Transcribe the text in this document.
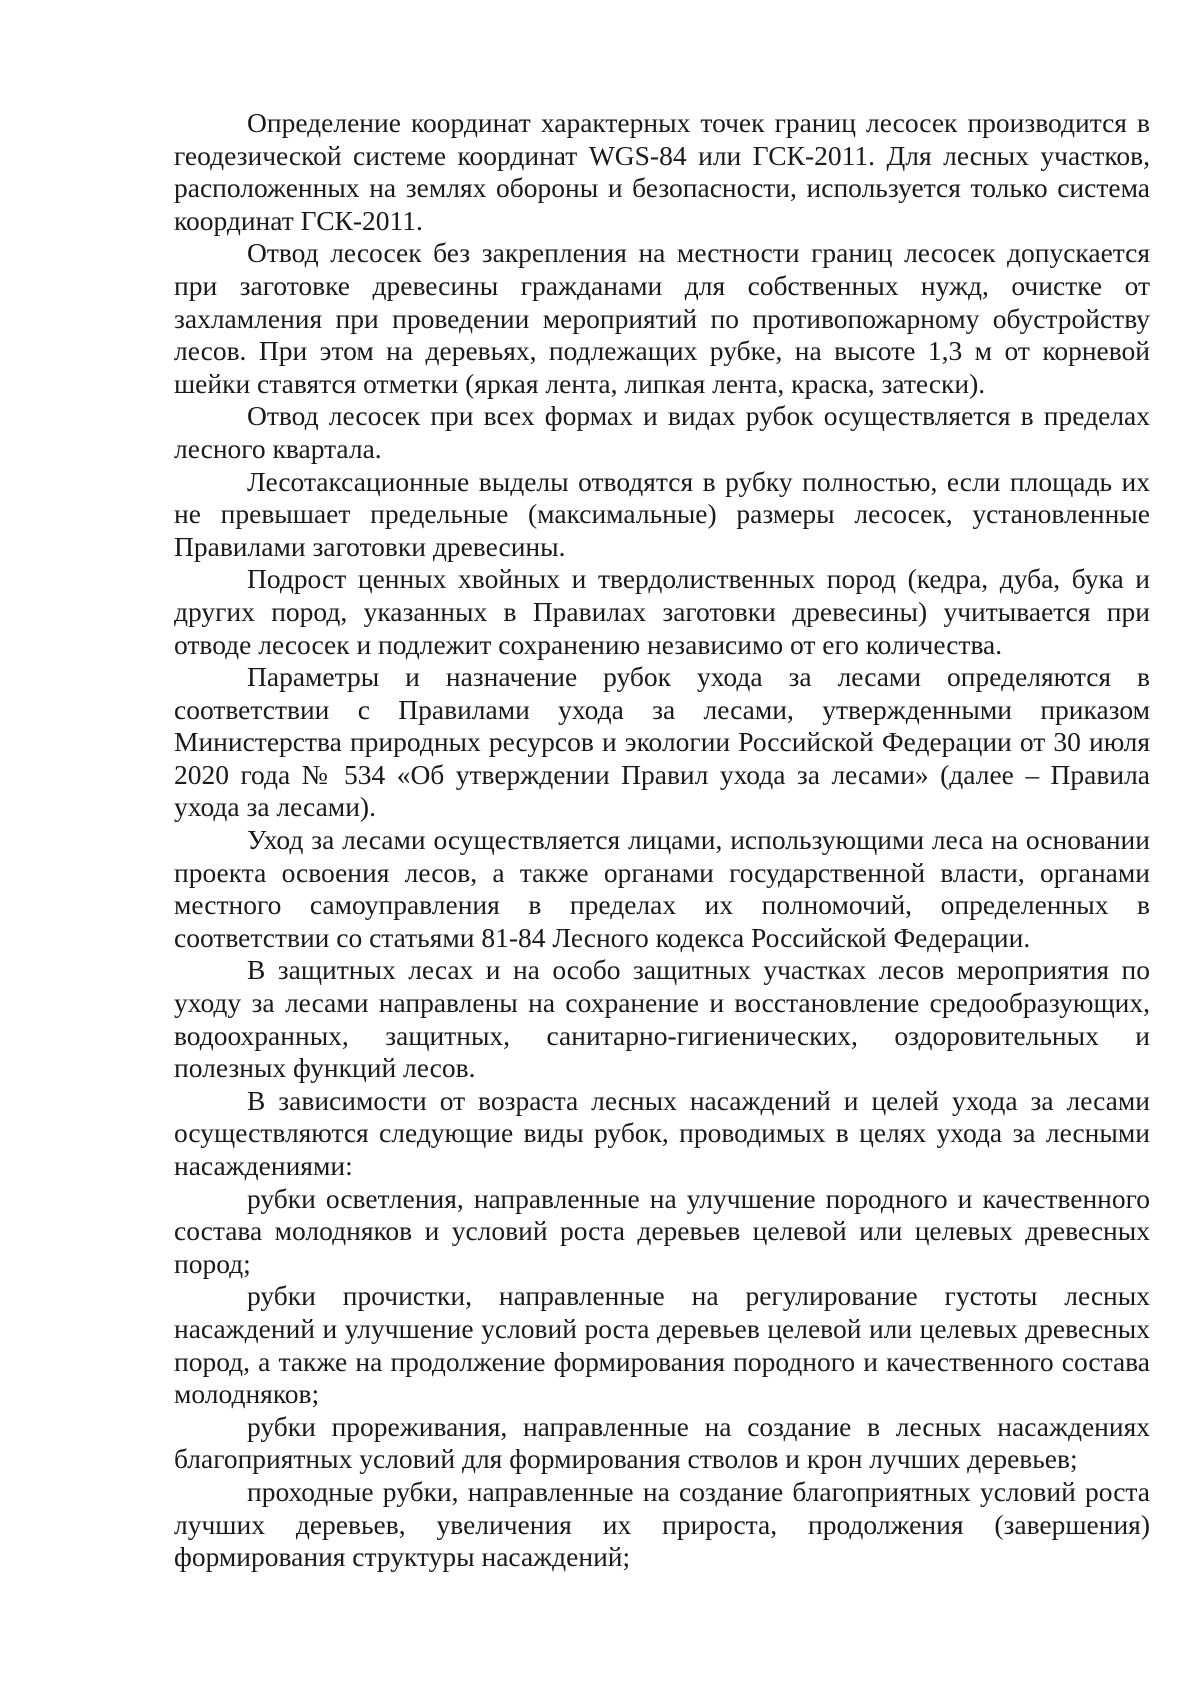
Определение координат характерных точек границ лесосек производится в геодезической системе координат WGS-84 или ГСК-2011. Для лесных участков, расположенных на землях обороны и безопасности, используется только система координат ГСК-2011.

Отвод лесосек без закрепления на местности границ лесосек допускается при заготовке древесины гражданами для собственных нужд, очистке от захламления при проведении мероприятий по противопожарному обустройству лесов. При этом на деревьях, подлежащих рубке, на высоте 1,3 м от корневой шейки ставятся отметки (яркая лента, липкая лента, краска, затески).

Отвод лесосек при всех формах и видах рубок осуществляется в пределах лесного квартала.

Лесотаксационные выделы отводятся в рубку полностью, если площадь их не превышает предельные (максимальные) размеры лесосек, установленные Правилами заготовки древесины.

Подрост ценных хвойных и твердолиственных пород (кедра, дуба, бука и других пород, указанных в Правилах заготовки древесины) учитывается при отводе лесосек и подлежит сохранению независимо от его количества.

Параметры и назначение рубок ухода за лесами определяются в соответствии с Правилами ухода за лесами, утвержденными приказом Министерства природных ресурсов и экологии Российской Федерации от 30 июля 2020 года № 534 «Об утверждении Правил ухода за лесами» (далее – Правила ухода за лесами).

Уход за лесами осуществляется лицами, использующими леса на основании проекта освоения лесов, а также органами государственной власти, органами местного самоуправления в пределах их полномочий, определенных в соответствии со статьями 81-84 Лесного кодекса Российской Федерации.

В защитных лесах и на особо защитных участках лесов мероприятия по уходу за лесами направлены на сохранение и восстановление средообразующих, водоохранных, защитных, санитарно-гигиенических, оздоровительных и полезных функций лесов.

В зависимости от возраста лесных насаждений и целей ухода за лесами осуществляются следующие виды рубок, проводимых в целях ухода за лесными насаждениями:

рубки осветления, направленные на улучшение породного и качественного состава молодняков и условий роста деревьев целевой или целевых древесных пород;

рубки прочистки, направленные на регулирование густоты лесных насаждений и улучшение условий роста деревьев целевой или целевых древесных пород, а также на продолжение формирования породного и качественного состава молодняков;

рубки прореживания, направленные на создание в лесных насаждениях благоприятных условий для формирования стволов и крон лучших деревьев;

проходные рубки, направленные на создание благоприятных условий роста лучших деревьев, увеличения их прироста, продолжения (завершения) формирования структуры насаждений;
